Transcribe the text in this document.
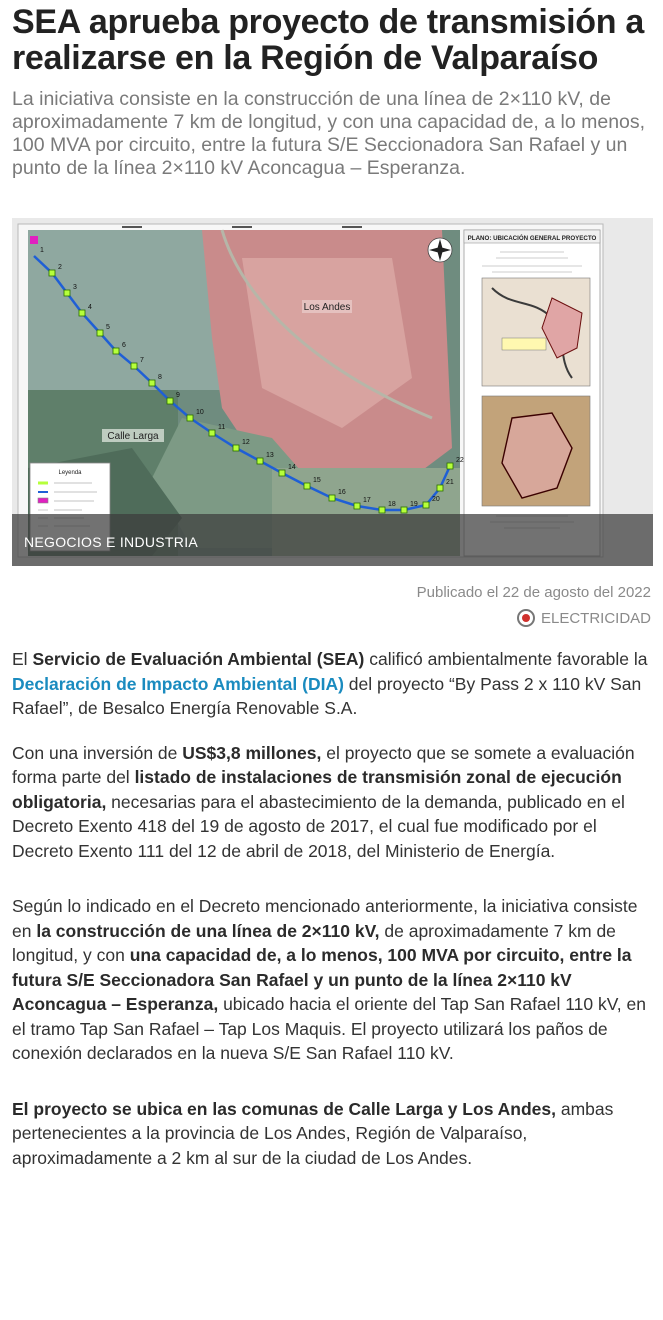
SEA aprueba proyecto de transmisión a realizarse en la Región de Valparaíso

La iniciativa consiste en la construcción de una línea de 2×110 kV, de aproximadamente 7 km de longitud, y con una capacidad de, a lo menos, 100 MVA por circuito, entre la futura S/E Seccionadora San Rafael y un punto de la línea 2×110 kV Aconcagua – Esperanza.

Los Andes
Calle Larga
Leyenda
PLANO: UBICACIÓN GENERAL PROYECTO
1
2
3
4
5
6
7
8
9
10
11
12
13
14
15
16
17
18 19
20
21
22
NEGOCIOS E INDUSTRIA
Publicado el 22 de agosto del 2022
ELECTRICIDAD

El Servicio de Evaluación Ambiental (SEA) calificó ambientalmente favorable la Declaración de Impacto Ambiental (DIA) del proyecto “By Pass 2 x 110 kV San Rafael”, de Besalco Energía Renovable S.A.

Con una inversión de US$3,8 millones, el proyecto que se somete a evaluación forma parte del listado de instalaciones de transmisión zonal de ejecución obligatoria, necesarias para el abastecimiento de la demanda, publicado en el Decreto Exento 418 del 19 de agosto de 2017, el cual fue modificado por el Decreto Exento 111 del 12 de abril de 2018, del Ministerio de Energía.

Según lo indicado en el Decreto mencionado anteriormente, la iniciativa consiste en la construcción de una línea de 2×110 kV, de aproximadamente 7 km de longitud, y con una capacidad de, a lo menos, 100 MVA por circuito, entre la futura S/E Seccionadora San Rafael y un punto de la línea 2×110 kV Aconcagua – Esperanza, ubicado hacia el oriente del Tap San Rafael 110 kV, en el tramo Tap San Rafael – Tap Los Maquis. El proyecto utilizará los paños de conexión declarados en la nueva S/E San Rafael 110 kV.

El proyecto se ubica en las comunas de Calle Larga y Los Andes, ambas pertenecientes a la provincia de Los Andes, Región de Valparaíso, aproximadamente a 2 km al sur de la ciudad de Los Andes.
